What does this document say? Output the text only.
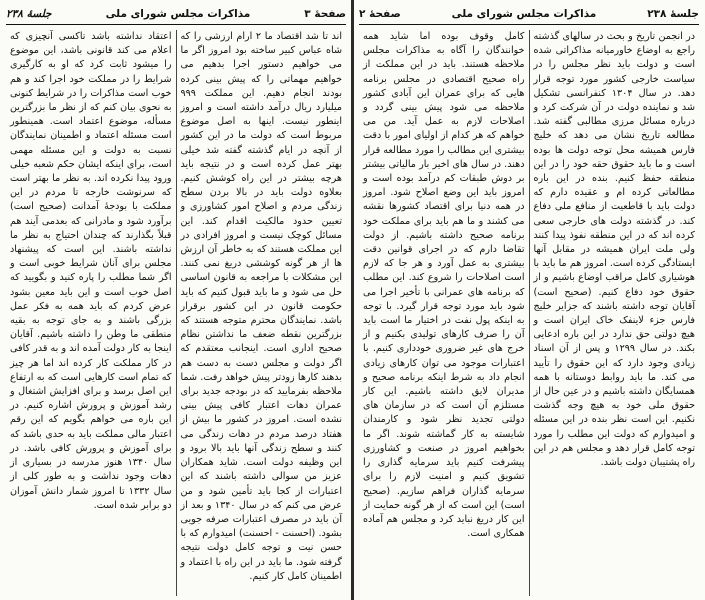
صفحهٔ ۳
مذاکرات مجلس شورای ملی
جلسهٔ ۲۳۸

اند تا شد اقتصاد ما ۲ ارام ارزشی را که شاه عباس کبیر ساخته بود امروز اگر ما می خواهیم دستور اجرا بدهیم می خواهیم مهماتی را که پیش بینی کرده بودند انجام دهیم. این مملکت ۹۹۹ میلیارد ریال درآمد داشته است و امروز اینطور نیست. اینها به اصل موضوع مربوط است که دولت ما در این کشور از آنچه در ایام گذشته گفته شد خیلی بهتر عمل کرده است و در نتیجه باید هرچه بیشتر در این راه کوشش کنیم. بعلاوه دولت باید در بالا بردن سطح زندگی مردم و اصلاح امور کشاورزی و تعیین حدود مالکیت اقدام کند. این مسائل کوچک نیست و امروز افرادی در این مملکت هستند که به خاطر آن ارزش ها از هر گونه کوششی دریغ نمی کنند. این مشکلات با مراجعه به قانون اساسی حل می شود و ما باید قبول کنیم که باید حکومت قانون در این کشور برقرار باشد. نمایندگان محترم متوجه هستند که بزرگترین نقطه ضعف ما نداشتن نظام صحیح اداری است. اینجانب معتقدم که اگر دولت و مجلس دست به دست هم بدهند کارها زودتر پیش خواهد رفت. شما ملاحظه بفرمایید که در بودجه جدید برای عمران دهات اعتبار کافی پیش بینی نشده است. امروز در کشور ما بیش از هفتاد درصد مردم در دهات زندگی می کنند و سطح زندگی آنها باید بالا برود و این وظیفه دولت است. شاید همکاران عزیز من سوالی داشته باشند که این اعتبارات از کجا باید تأمین شود و من عرض می کنم که در سال ۱۳۴۰ و بعد از آن باید در مصرف اعتبارات صرفه جویی بشود. (احسنت - احسنت) امیدوارم که با حسن نیت و توجه کامل دولت نتیجه گرفته شود. ما باید در این راه با اعتماد و اطمینان کامل کار کنیم.

اعتقاد نداشته باشد تاکسی آنچیزی که اعلام می کند قانونی باشد، این موضوع را میشود ثابت کرد که او به کارگیری شرایط را در مملکت خود اجرا کند و هم خوب است مذاکرات را در شرایط کنونی به نحوی بیان کنم که از نظر ما بزرگترین مسأله، موضوع اعتماد است. همینطور است مسئله اعتماد و اطمینان نمایندگان نسبت به دولت و این مسئله مهمی است، برای اینکه ایشان حکم شعبه خیلی ورود پیدا نکرده اند. به نظر ما بهتر است که سرنوشت خارجه تا مردم در این مملکت با بودجهٔ آمدانت (صحیح است) برآورد شود و مادرانی که بعدمی آیند هم قبلاً بگذارند که چندان احتیاج به نظر ما نداشته باشند. این است که پیشنهاد مجلس برای آنان شرایط خوبی است و اگر شما مطلب را پاره کنید و بگویید که اصل خوب است و این باید معین بشود عرض کردم که باید همه به فکر عمل بزرگی باشند و به جای توجه به بقیه منطقی ما وطن را داشته باشیم. آقایان اینجا به کار دولت آمده اند و به قدر کافی در کار مملکت کار کرده اند اما هر چیز که تمام است کارهایی است که به ارتفاع این اصل برسد و برای افزایش اشتغال و رشد آموزش و پرورش اشاره کنیم. در این باره می خواهم بگویم که این رقم اعتبار مالی مملکت باید به حدی باشد که برای آموزش و پرورش کافی باشد. در سال ۱۳۴۰ هنوز مدرسه در بسیاری از دهات وجود نداشت و به طور کلی از سال ۱۳۳۲ تا امروز شمار دانش آموزان دو برابر شده است.

جلسهٔ ۲۳۸
مذاکرات مجلس شورای ملی
صفحهٔ ۲

در انجمن تاریخ و بحث در سالهای گذشته راجع به اوضاع خاورمیانه مذاکراتی شده است و دولت باید نظر مجلس را در سیاست خارجی کشور مورد توجه قرار دهد. در سال ۱۳۰۴ کنفرانسی تشکیل شد و نماینده دولت در آن شرکت کرد و درباره مسائل مرزی مطالبی گفته شد. مطالعه تاریخ نشان می دهد که خلیج فارس همیشه محل توجه دولت ها بوده است و ما باید حقوق حقه خود را در این منطقه حفظ کنیم. بنده در این باره مطالعاتی کرده ام و عقیده دارم که دولت باید با قاطعیت از منافع ملی دفاع کند. در گذشته دولت های خارجی سعی کرده اند که در این منطقه نفوذ پیدا کنند ولی ملت ایران همیشه در مقابل آنها ایستادگی کرده است. امروز هم ما باید با هوشیاری کامل مراقب اوضاع باشیم و از حقوق خود دفاع کنیم. (صحیح است) آقایان توجه داشته باشند که جزایر خلیج فارس جزء لاینفک خاک ایران است و هیچ دولتی حق ندارد در این باره ادعایی بکند. در سال ۱۲۹۹ و پس از آن اسناد زیادی وجود دارد که این حقوق را تأیید می کند. ما باید روابط دوستانه با همه همسایگان داشته باشیم و در عین حال از حقوق ملی خود به هیچ وجه گذشت نکنیم. این است نظر بنده در این مسئله و امیدوارم که دولت این مطلب را مورد توجه کامل قرار دهد و مجلس هم در این راه پشتیبان دولت باشد.

کامل وقوف بوده اما شاید همه خوانندگان را آگاه به مذاکرات مجلس ملاحظه هستند. باید در این مملکت از راه صحیح اقتصادی در مجلس برنامه هایی که برای عمران این آبادی کشور ملاحظه می شود پیش بینی گردد و اصلاحات لازم به عمل آید. من می خواهم که هر کدام از اولیای امور با دقت بیشتری این مطالب را مورد مطالعه قرار دهند. در سال های اخیر بار مالیاتی بیشتر بر دوش طبقات کم درآمد بوده است و امروز باید این وضع اصلاح شود. امروز در همه دنیا برای اقتصاد کشورها نقشه می کشند و ما هم باید برای مملکت خود برنامه صحیح داشته باشیم. از دولت تقاضا دارم که در اجرای قوانین دقت بیشتری به عمل آورد و هر جا که لازم است اصلاحات را شروع کند. این مطلب که برنامه های عمرانی با تأخیر اجرا می شود باید مورد توجه قرار گیرد. با توجه به اینکه پول نفت در اختیار ما است باید آن را صرف کارهای تولیدی بکنیم و از خرج های غیر ضروری خودداری کنیم. با اعتبارات موجود می توان کارهای زیادی انجام داد به شرط اینکه برنامه صحیح و مدیران لایق داشته باشیم. این کار مستلزم آن است که در سازمان های دولتی تجدید نظر شود و کارمندان شایسته به کار گماشته شوند. اگر ما بخواهیم امروز در صنعت و کشاورزی پیشرفت کنیم باید سرمایه گذاری را تشویق کنیم و امنیت لازم را برای سرمایه گذاران فراهم سازیم. (صحیح است) این است که از هر گونه حمایت از این کار دریغ نباید کرد و مجلس هم آماده همکاری است.
